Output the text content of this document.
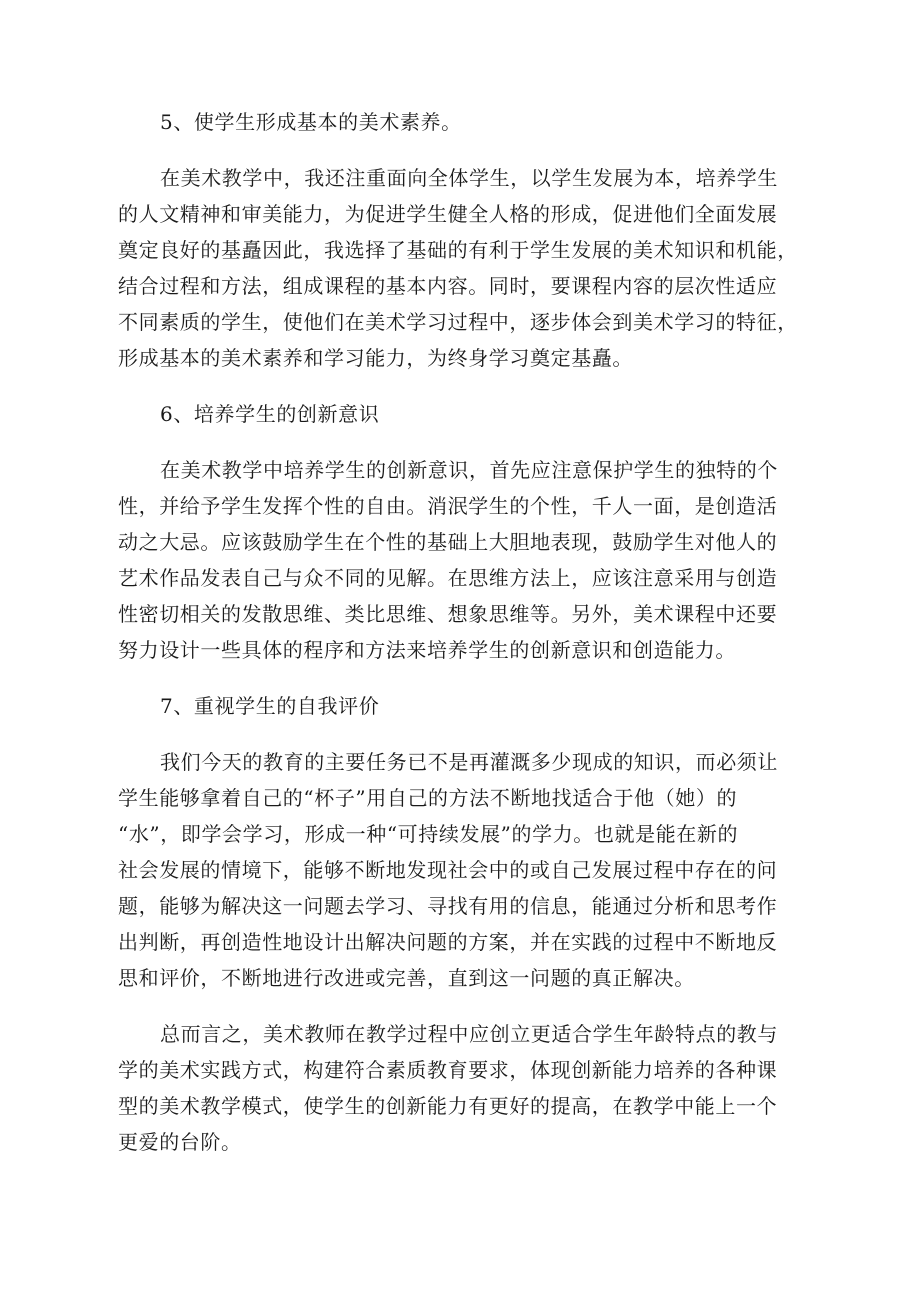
5、使学生形成基本的美术素养。
在美术教学中，我还注重面向全体学生，以学生发展为本，培养学生
的人文精神和审美能力，为促进学生健全人格的形成，促进他们全面发展
奠定良好的基矗因此，我选择了基础的有利于学生发展的美术知识和机能，
结合过程和方法，组成课程的基本内容。同时，要课程内容的层次性适应
不同素质的学生，使他们在美术学习过程中，逐步体会到美术学习的特征，
形成基本的美术素养和学习能力，为终身学习奠定基矗。
6、培养学生的创新意识
在美术教学中培养学生的创新意识，首先应注意保护学生的独特的个
性，并给予学生发挥个性的自由。消泯学生的个性，千人一面，是创造活
动之大忌。应该鼓励学生在个性的基础上大胆地表现，鼓励学生对他人的
艺术作品发表自己与众不同的见解。在思维方法上，应该注意采用与创造
性密切相关的发散思维、类比思维、想象思维等。另外，美术课程中还要
努力设计一些具体的程序和方法来培养学生的创新意识和创造能力。
7、重视学生的自我评价
我们今天的教育的主要任务已不是再灌溉多少现成的知识，而必须让
学生能够拿着自己的“杯子”用自己的方法不断地找适合于他（她）的
“水”，即学会学习，形成一种“可持续发展”的学力。也就是能在新的
社会发展的情境下，能够不断地发现社会中的或自己发展过程中存在的问
题，能够为解决这一问题去学习、寻找有用的信息，能通过分析和思考作
出判断，再创造性地设计出解决问题的方案，并在实践的过程中不断地反
思和评价，不断地进行改进或完善，直到这一问题的真正解决。
总而言之，美术教师在教学过程中应创立更适合学生年龄特点的教与
学的美术实践方式，构建符合素质教育要求，体现创新能力培养的各种课
型的美术教学模式，使学生的创新能力有更好的提高，在教学中能上一个
更爱的台阶。
